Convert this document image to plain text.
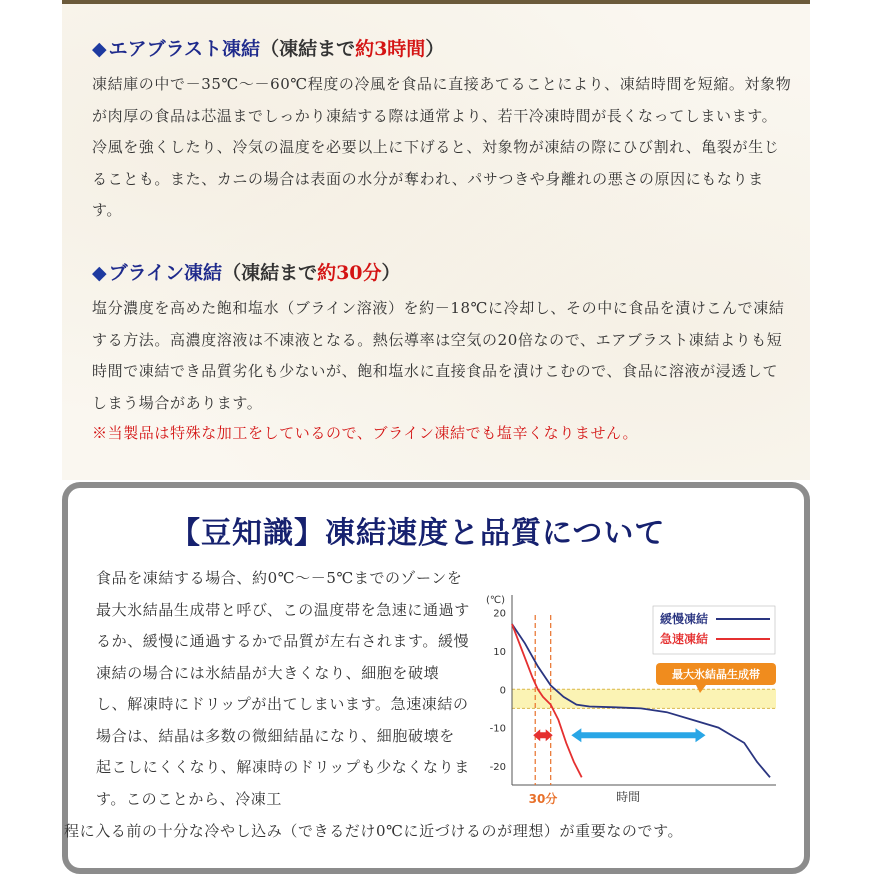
◆ エアブラスト凍結（凍結まで約3時間）
凍結庫の中で－35℃～－60℃程度の冷風を食品に直接あてることにより、凍結時間を短縮。対象物が肉厚の食品は芯温までしっかり凍結する際は通常より、若干冷凍時間が長くなってしまいます。冷風を強くしたり、冷気の温度を必要以上に下げると、対象物が凍結の際にひび割れ、亀裂が生じることも。また、カニの場合は表面の水分が奪われ、パサつきや身離れの悪さの原因にもなります。
◆ ブライン凍結（凍結まで約30分）
塩分濃度を高めた飽和塩水（ブライン溶液）を約－18℃に冷却し、その中に食品を漬けこんで凍結する方法。高濃度溶液は不凍液となる。熱伝導率は空気の20倍なので、エアブラスト凍結よりも短時間で凍結でき品質劣化も少ないが、飽和塩水に直接食品を漬けこむので、食品に溶液が浸透してしまう場合があります。
※当製品は特殊な加工をしているので、ブライン凍結でも塩辛くなりません。
【豆知識】凍結速度と品質について
食品を凍結する場合、約0℃～－5℃までのゾーンを最大氷結晶生成帯と呼び、この温度帯を急速に通過するか、緩慢に通過するかで品質が左右されます。緩慢凍結の場合には氷結晶が大きくなり、細胞を破壊し、解凍時にドリップが出てしまいます。急速凍結の場合は、結晶は多数の微細結晶になり、細胞破壊を起こしにくくなり、解凍時のドリップも少なくなります。このことから、冷凍工
程に入る前の十分な冷やし込み（できるだけ0℃に近づけるのが理想）が重要なのです。
20
10
0
-10
-20
(℃)
緩慢凍結
急速凍結
最大氷結晶生成帯
30分	時間
